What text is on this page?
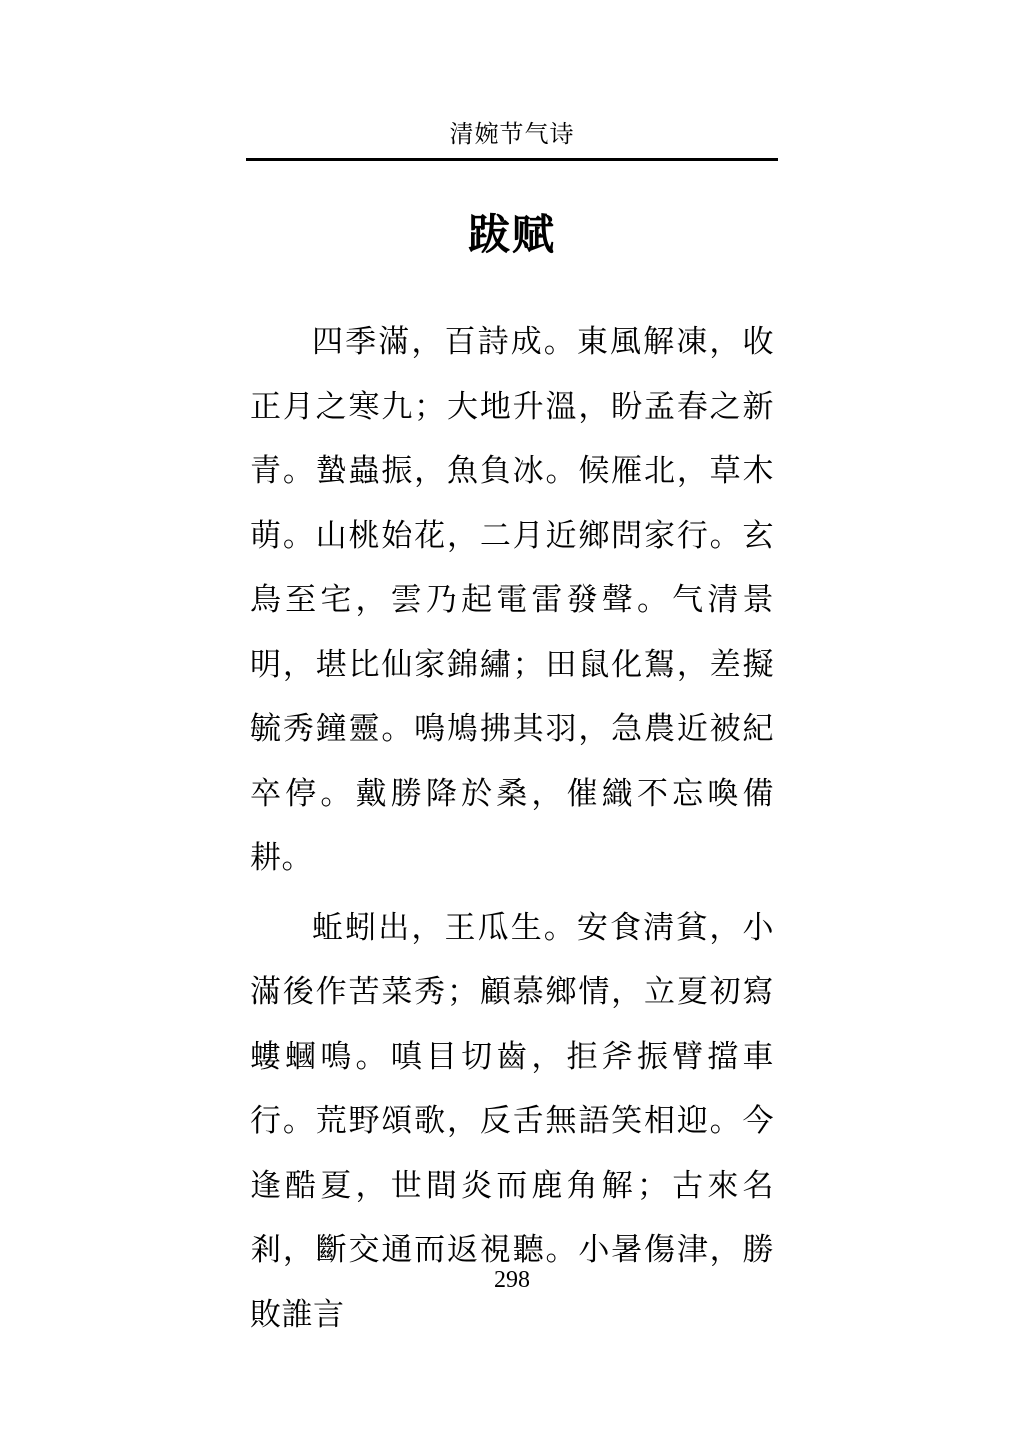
清婉节气诗
跋赋

四季滿，百詩成。東風解凍，收正月之寒九；大地升溫，盼孟春之新青。蟄蟲振，魚負冰。候雁北，草木萌。山桃始花，二月近鄉問家行。玄鳥至宅，雲乃起電雷發聲。气清景明，堪比仙家錦繡；田鼠化鴽，差擬毓秀鐘靈。鳴鳩拂其羽，急農近被紀卒停。戴勝降於桑，催織不忘喚備耕。

蚯蚓出，王瓜生。安食淸貧，小滿後作苦菜秀；顧慕鄉情，立夏初寫螻蟈鳴。嗔目切齒，拒斧振臂擋車行。荒野頌歌，反舌無語笑相迎。今逢酷夏，世間炎而鹿角解；古來名剎，斷交通而返視聽。小暑傷津，勝敗誰言

298
